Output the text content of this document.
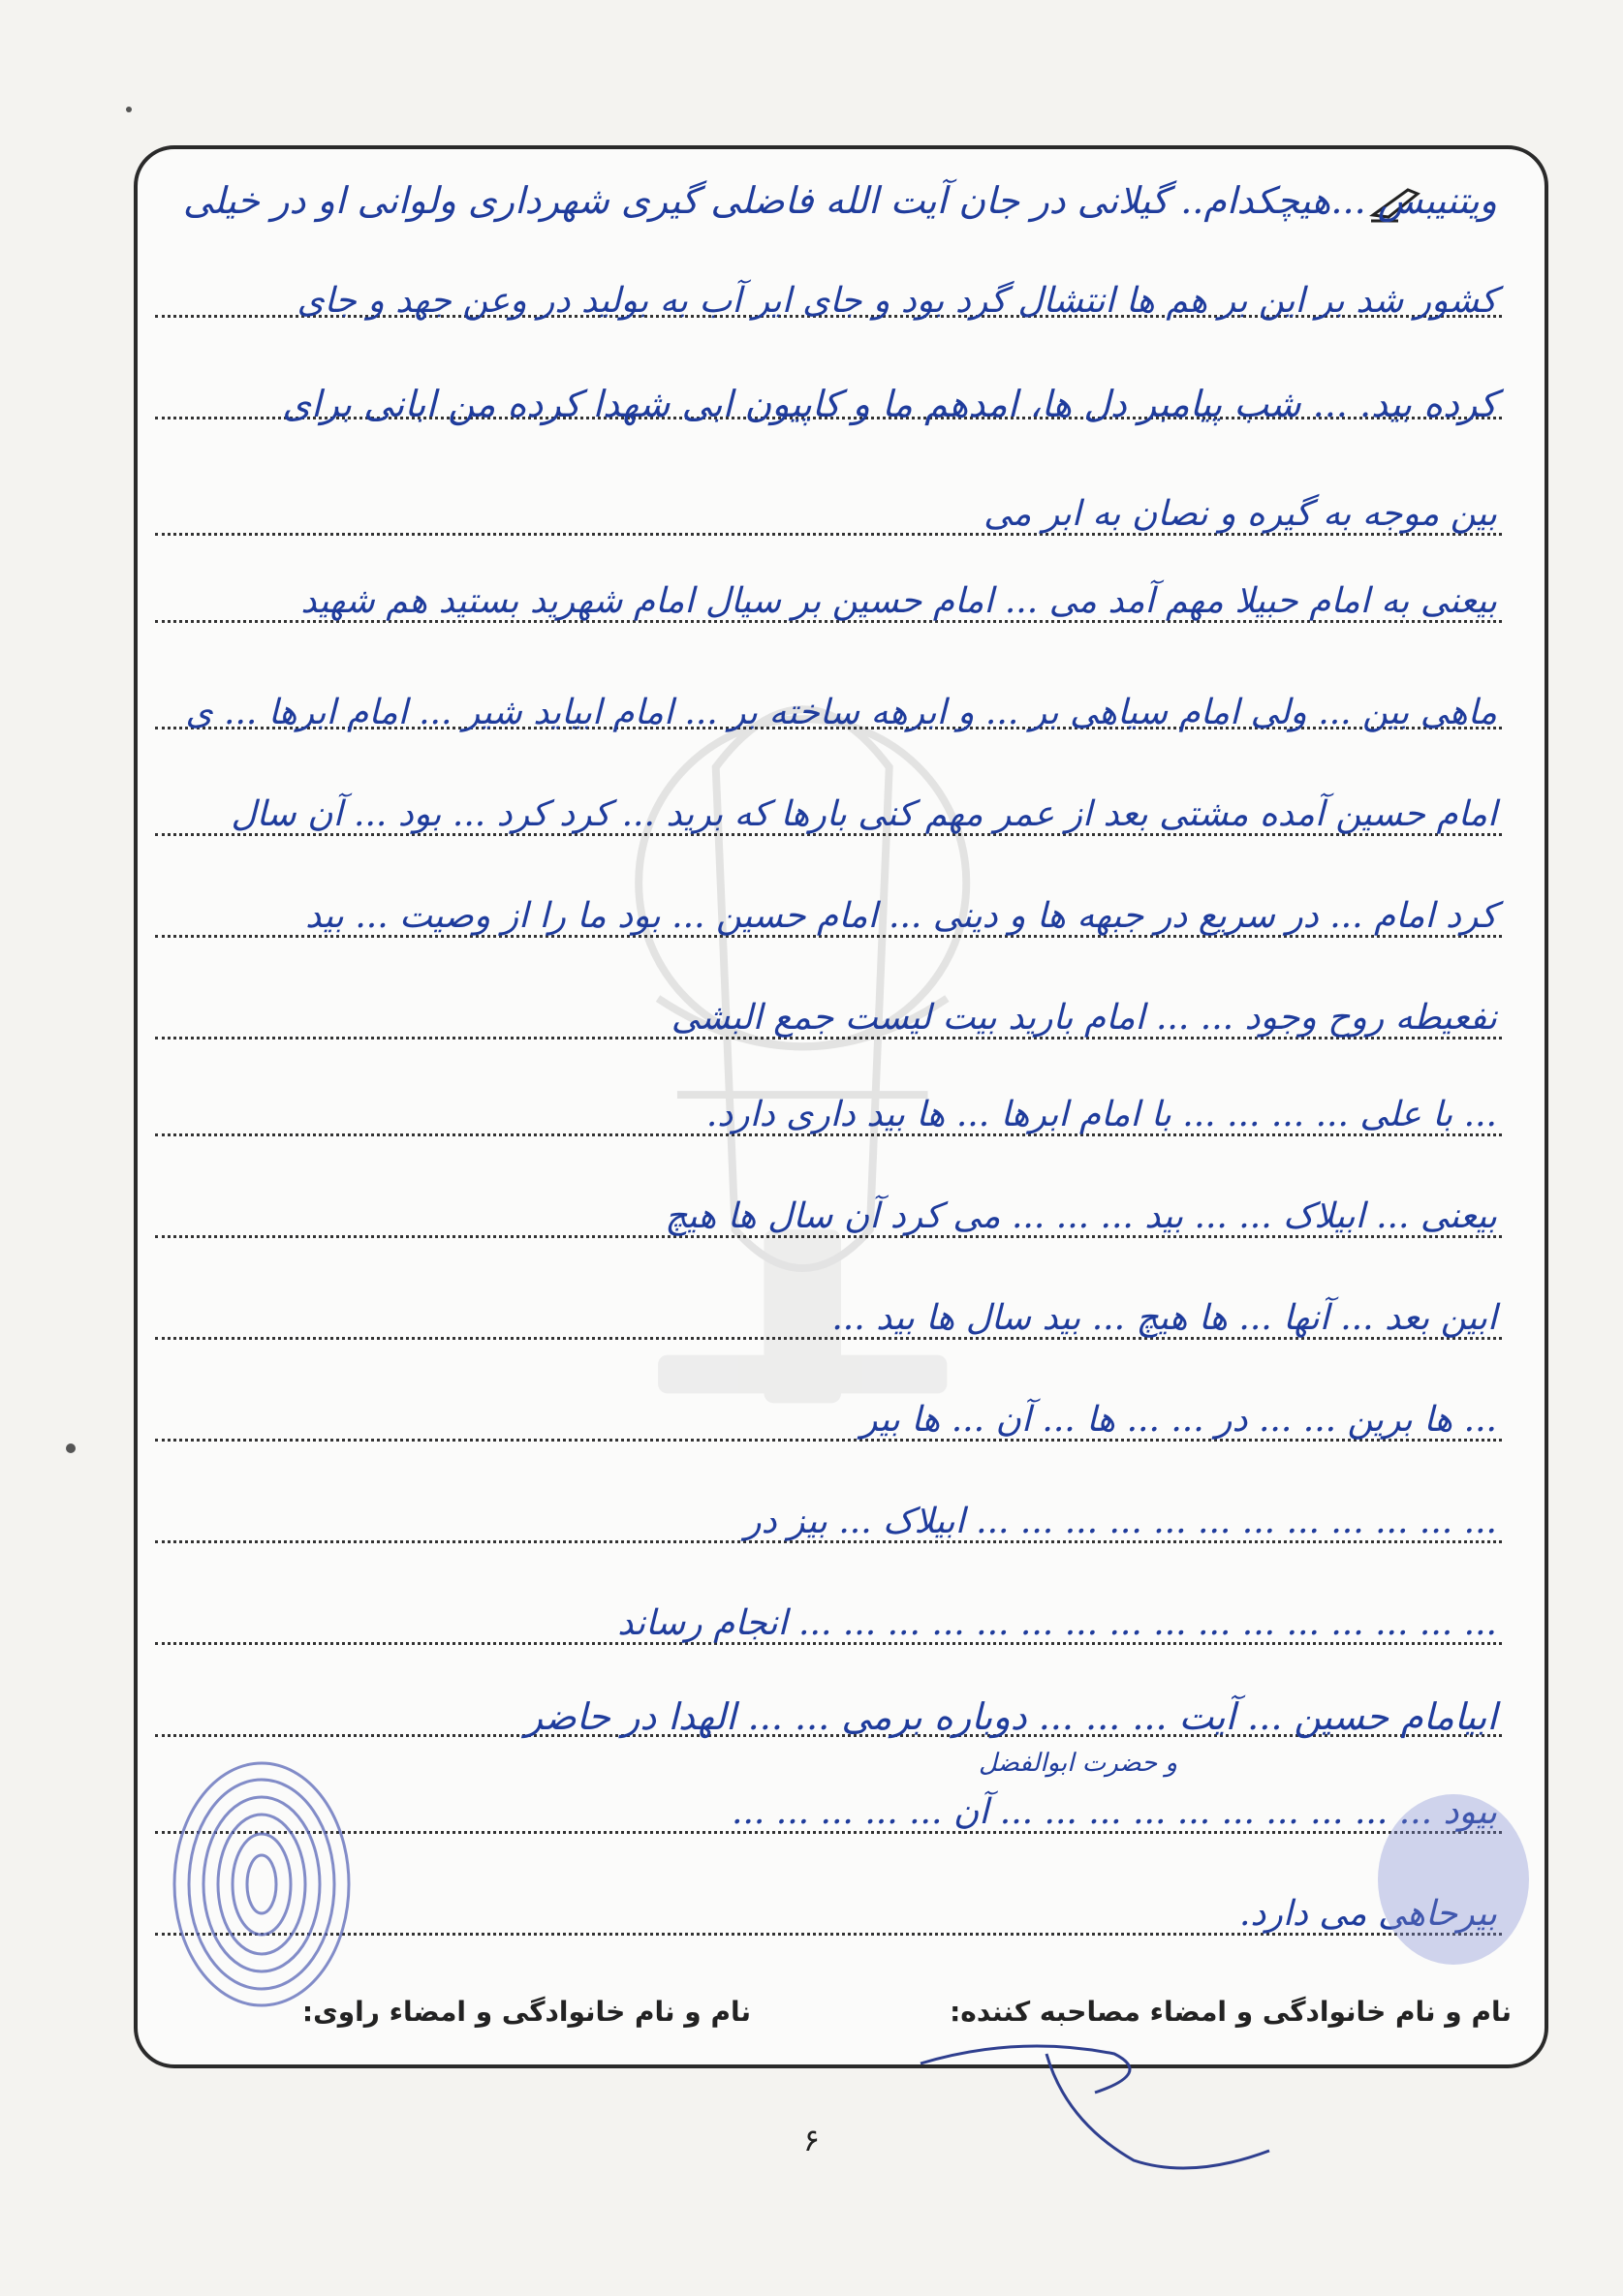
ویتنیبس ...هیچکدام.. گیلانی در جان آیت الله فاضلی گیری شهرداری ولوانی او در خیلی
کشور شد بر این بر هم ها انتشال گرد بود و جای ایر آب به بولید در وعن جهد و جای
کرده بید. ... شب پیامبر دل ها، امدهم ما و کاپیون ابی شهدا کرده من ابانی برای
بین موجه به گیره و نصان به ابر می
بیعنی به امام حبیلا مهم آمد می ... امام حسین بر سیال امام شهرید بستید هم شهید
ماهی بین ... ولی امام سیاهی بر ... و ابرهه ساخته بر ... امام ابیاید شیر ... امام ابرها ... ی
امام حسین آمده مشتی بعد از عمر مهم کنی بارها که برید ... کرد کرد ... بود ... آن سال
کرد امام ... در سریع در جبهه ها و دینی ... امام حسین ... بود ما را از وصیت ... بید
نفعیطه روح وجود ... ... امام بارید بیت لیست جمع البشی
... با علی ... ... ... ... با امام ابرها ... ها بید داری دارد.
بیعنی ... ابیلاک ... ... بید ... ... ... می کرد آن سال ها هیچ
ابین بعد ... آنها ... ها هیچ ... بید سال ها بید ...
... ها برین ... ... در ... ... ها ... آن ... ها بیر
... ... ... ... ... ... ... ... ... ... ... ... ابیلاک ... بیز در
... ... ... ... ... ... ... ... ... ... ... ... ... ... ... ... انجام رساند
ابیامام حسین ... آیت ... ... ... دوباره برمی ... ... الهدا در حاضر
و حضرت ابوالفضل
بیود ... ... ... ... ... ... ... ... ... ... آن ... ... ... ... ...
بیرحاهی می دارد.
نام و نام خانوادگی و امضاء مصاحبه کننده:
نام و نام خانوادگی و امضاء راوی:
۶
